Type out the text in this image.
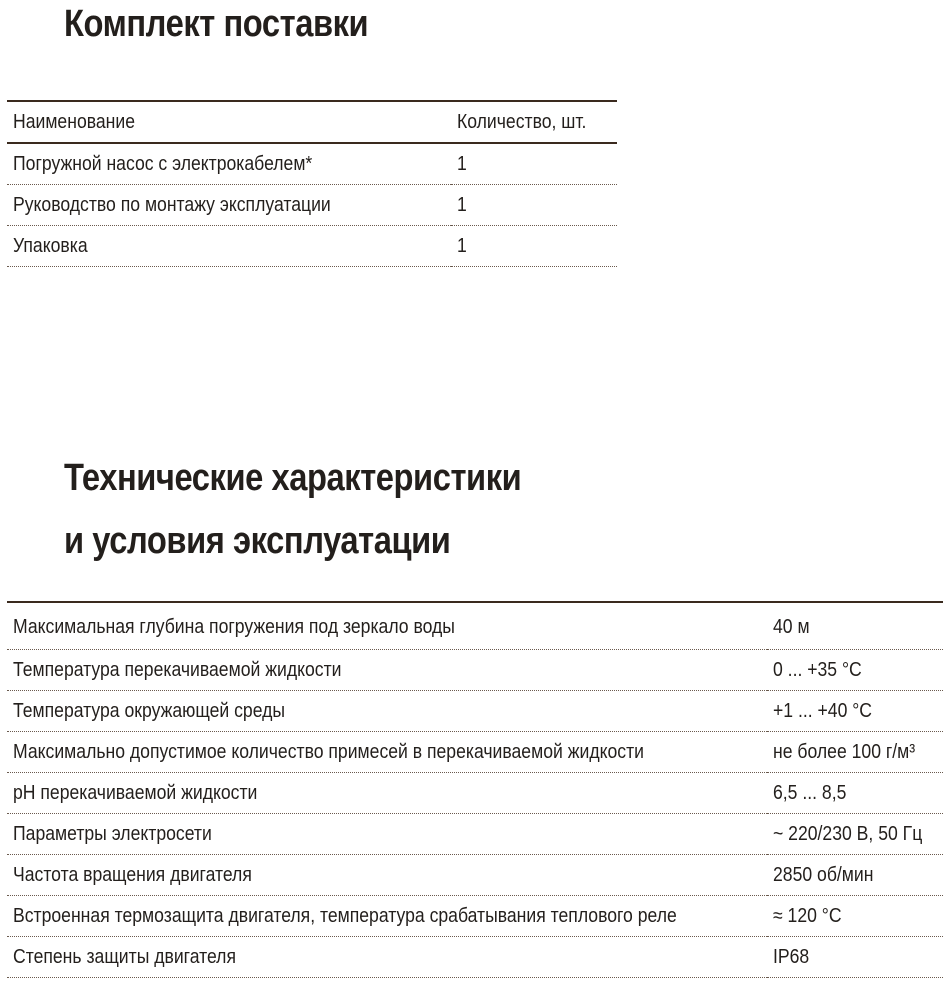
Комплект поставки
Наименование	Количество, шт.
Погружной насос с электрокабелем*	1
Руководство по монтажу эксплуатации	1
Упаковка	1
Технические характеристики
и условия эксплуатации
Максимальная глубина погружения под зеркало воды	40 м
Температура перекачиваемой жидкости	0 ... +35 °С
Температура окружающей среды	+1 ... +40 °С
Максимально допустимое количество примесей в перекачиваемой жидкости	не более 100 г/м³
pH перекачиваемой жидкости	6,5 ... 8,5
Параметры электросети	~ 220/230 В, 50 Гц
Частота вращения двигателя	2850 об/мин
Встроенная термозащита двигателя, температура срабатывания теплового реле	≈ 120 °С
Степень защиты двигателя	IP68
